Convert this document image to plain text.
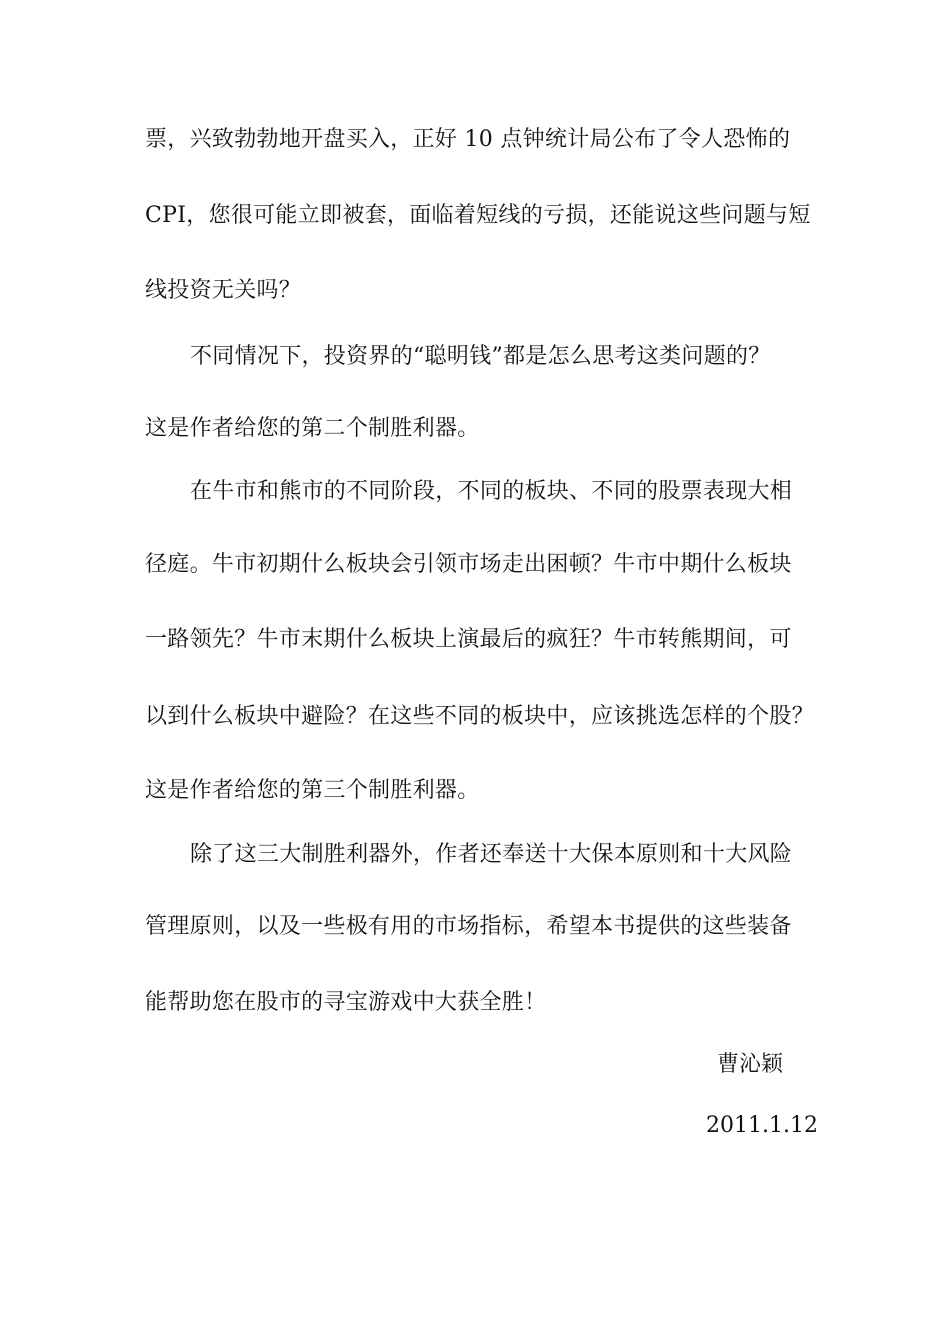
票，兴致勃勃地开盘买入，正好 10 点钟统计局公布了令人恐怖的
CPI，您很可能立即被套，面临着短线的亏损，还能说这些问题与短
线投资无关吗？
不同情况下，投资界的“聪明钱”都是怎么思考这类问题的？
这是作者给您的第二个制胜利器。
在牛市和熊市的不同阶段，不同的板块、不同的股票表现大相
径庭。牛市初期什么板块会引领市场走出困顿？牛市中期什么板块
一路领先？牛市末期什么板块上演最后的疯狂？牛市转熊期间，可
以到什么板块中避险？在这些不同的板块中，应该挑选怎样的个股？
这是作者给您的第三个制胜利器。
除了这三大制胜利器外，作者还奉送十大保本原则和十大风险
管理原则，以及一些极有用的市场指标，希望本书提供的这些装备
能帮助您在股市的寻宝游戏中大获全胜！
曹沁颖
2011.1.12
